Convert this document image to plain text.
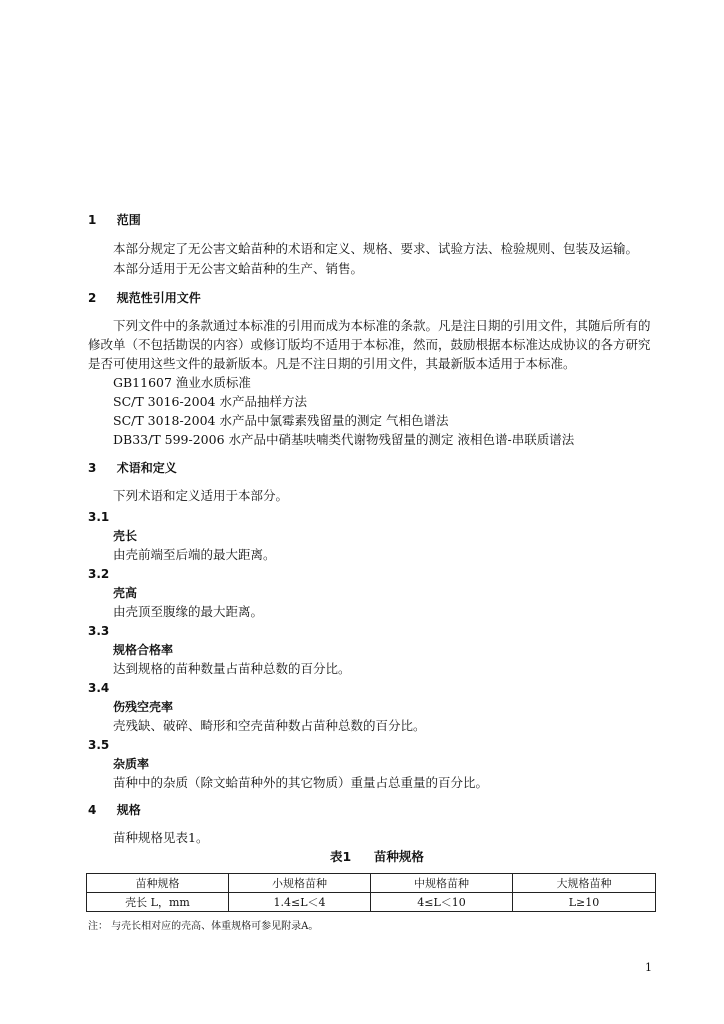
1 范围
本部分规定了无公害文蛤苗种的术语和定义、规格、要求、试验方法、检验规则、包装及运输。
本部分适用于无公害文蛤苗种的生产、销售。
2 规范性引用文件
下列文件中的条款通过本标准的引用而成为本标准的条款。凡是注日期的引用文件，其随后所有的
修改单（不包括勘误的内容）或修订版均不适用于本标准，然而，鼓励根据本标准达成协议的各方研究
是否可使用这些文件的最新版本。凡是不注日期的引用文件，其最新版本适用于本标准。
GB11607 渔业水质标准
SC/T 3016-2004 水产品抽样方法
SC/T 3018-2004 水产品中氯霉素残留量的测定 气相色谱法
DB33/T 599-2006 水产品中硝基呋喃类代谢物残留量的测定 液相色谱-串联质谱法
3 术语和定义
下列术语和定义适用于本部分。
3.1
壳长
由壳前端至后端的最大距离。
3.2
壳高
由壳顶至腹缘的最大距离。
3.3
规格合格率
达到规格的苗种数量占苗种总数的百分比。
3.4
伤残空壳率
壳残缺、破碎、畸形和空壳苗种数占苗种总数的百分比。
3.5
杂质率
苗种中的杂质（除文蛤苗种外的其它物质）重量占总重量的百分比。
4 规格
苗种规格见表1。
表1 苗种规格
苗种规格	小规格苗种	中规格苗种	大规格苗种
壳长 L，mm	1.4≤L＜4	4≤L＜10	L≥10
注： 与壳长相对应的壳高、体重规格可参见附录A。
1
